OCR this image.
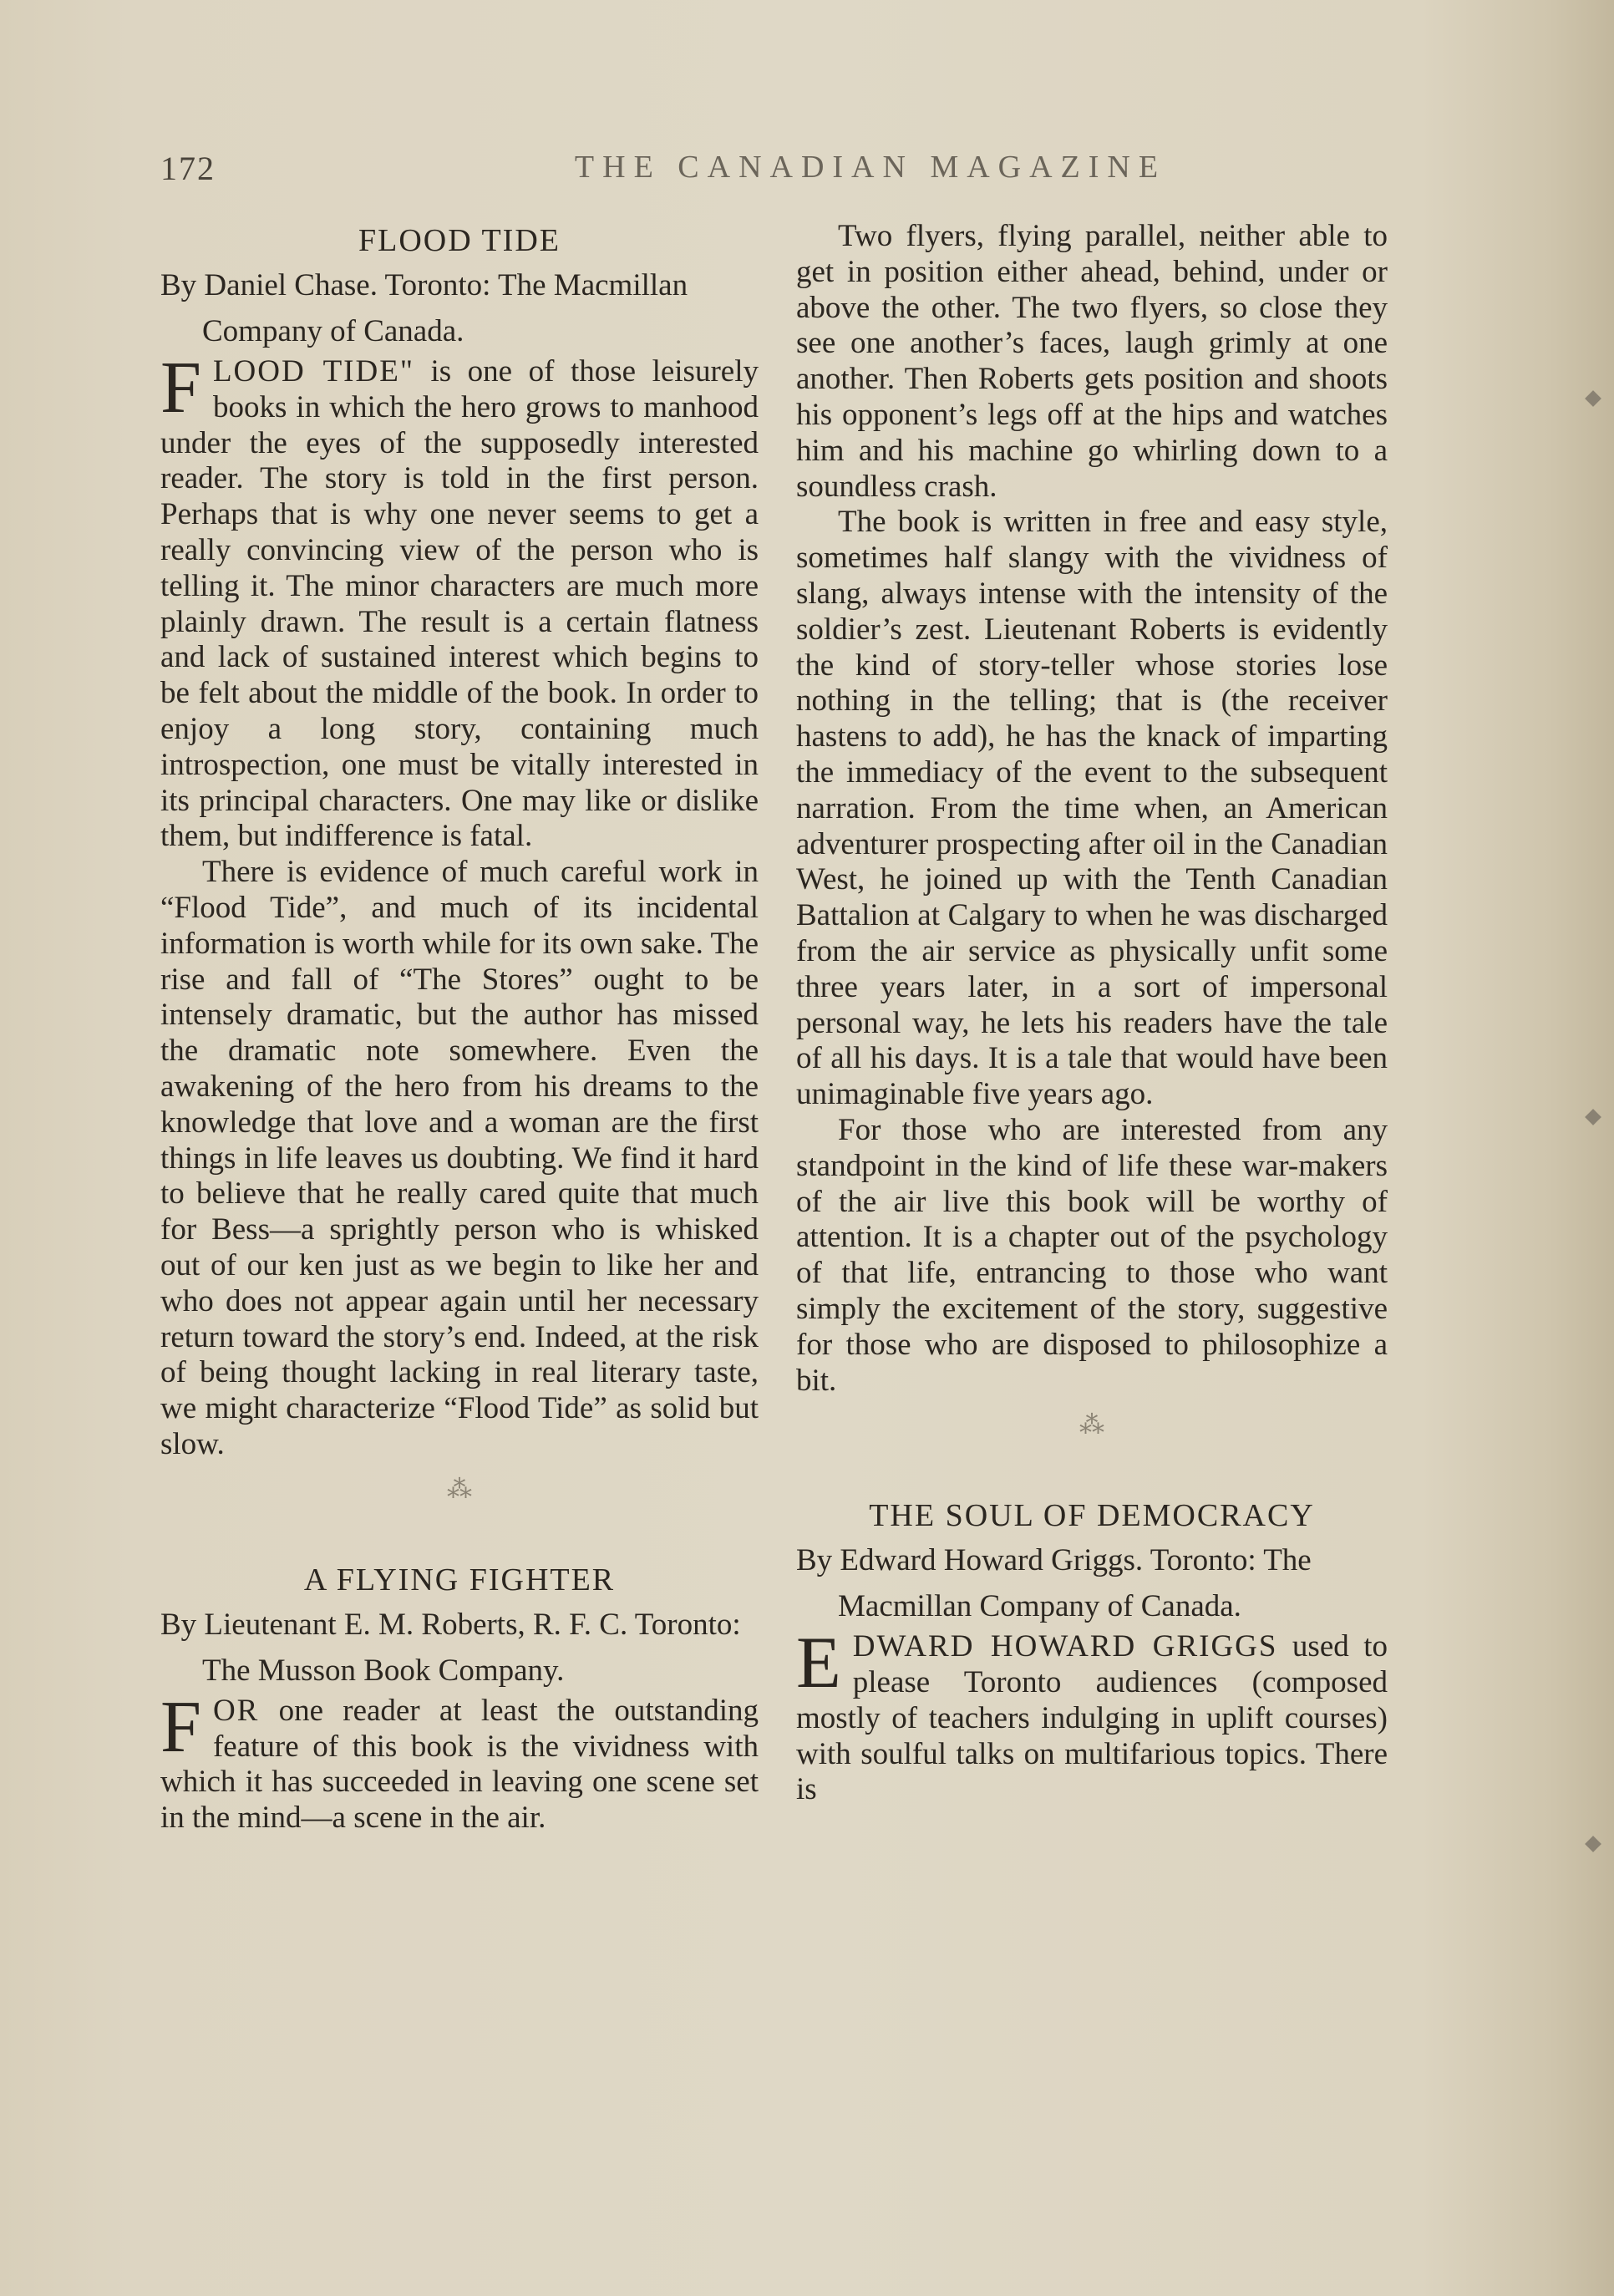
172	THE CANADIAN MAGAZINE

FLOOD TIDE

By Daniel Chase. Toronto: The Macmillan Company of Canada.

FLOOD TIDE" is one of those leisurely books in which the hero grows to manhood under the eyes of the supposedly interested reader. The story is told in the first person. Perhaps that is why one never seems to get a really convincing view of the person who is telling it. The minor characters are much more plainly drawn. The result is a certain flatness and lack of sustained interest which begins to be felt about the middle of the book. In order to enjoy a long story, containing much introspection, one must be vitally interested in its principal characters. One may like or dislike them, but indifference is fatal.

There is evidence of much careful work in “Flood Tide”, and much of its incidental information is worth while for its own sake. The rise and fall of “The Stores” ought to be intensely dramatic, but the author has missed the dramatic note somewhere. Even the awakening of the hero from his dreams to the knowledge that love and a woman are the first things in life leaves us doubting. We find it hard to believe that he really cared quite that much for Bess—a sprightly person who is whisked out of our ken just as we begin to like her and who does not appear again until her necessary return toward the story’s end. Indeed, at the risk of being thought lacking in real literary taste, we might characterize “Flood Tide” as solid but slow.

⁂

A FLYING FIGHTER

By Lieutenant E. M. Roberts, R. F. C. Toronto: The Musson Book Company.

FOR one reader at least the outstanding feature of this book is the vividness with which it has succeeded in leaving one scene set in the mind—a scene in the air.

Two flyers, flying parallel, neither able to get in position either ahead, behind, under or above the other. The two flyers, so close they see one another’s faces, laugh grimly at one another. Then Roberts gets position and shoots his opponent’s legs off at the hips and watches him and his machine go whirling down to a soundless crash.

The book is written in free and easy style, sometimes half slangy with the vividness of slang, always intense with the intensity of the soldier’s zest. Lieutenant Roberts is evidently the kind of story-teller whose stories lose nothing in the telling; that is (the receiver hastens to add), he has the knack of imparting the immediacy of the event to the subsequent narration. From the time when, an American adventurer prospecting after oil in the Canadian West, he joined up with the Tenth Canadian Battalion at Calgary to when he was discharged from the air service as physically unfit some three years later, in a sort of impersonal personal way, he lets his readers have the tale of all his days. It is a tale that would have been unimaginable five years ago.

For those who are interested from any standpoint in the kind of life these war-makers of the air live this book will be worthy of attention. It is a chapter out of the psychology of that life, entrancing to those who want simply the excitement of the story, suggestive for those who are disposed to philosophize a bit.

⁂

THE SOUL OF DEMOCRACY

By Edward Howard Griggs. Toronto: The Macmillan Company of Canada.

EDWARD HOWARD GRIGGS used to please Toronto audiences (composed mostly of teachers indulging in uplift courses) with soulful talks on multifarious topics. There is
